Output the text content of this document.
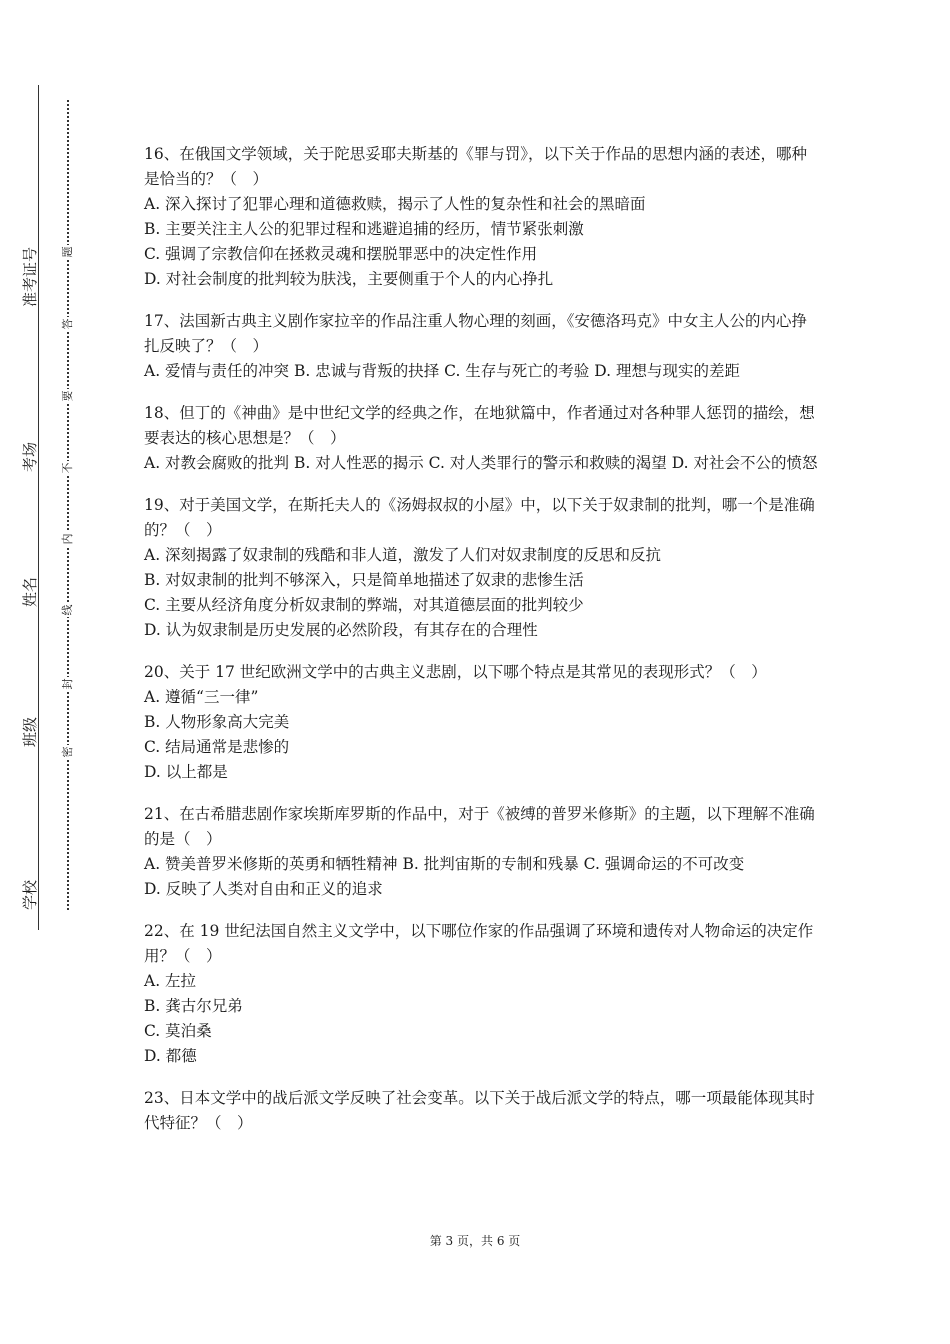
学校
班级
姓名
考场
准考证号
密
封
线
内
不
要
答
题

16、在俄国文学领域，关于陀思妥耶夫斯基的《罪与罚》，以下关于作品的思想内涵的表述，哪种是恰当的？（　）

A. 深入探讨了犯罪心理和道德救赎，揭示了人性的复杂性和社会的黑暗面

B. 主要关注主人公的犯罪过程和逃避追捕的经历，情节紧张刺激

C. 强调了宗教信仰在拯救灵魂和摆脱罪恶中的决定性作用

D. 对社会制度的批判较为肤浅，主要侧重于个人的内心挣扎

17、法国新古典主义剧作家拉辛的作品注重人物心理的刻画，《安德洛玛克》中女主人公的内心挣扎反映了？（　）

A. 爱情与责任的冲突 B. 忠诚与背叛的抉择 C. 生存与死亡的考验 D. 理想与现实的差距

18、但丁的《神曲》是中世纪文学的经典之作，在地狱篇中，作者通过对各种罪人惩罚的描绘，想要表达的核心思想是？（　）

A. 对教会腐败的批判 B. 对人性恶的揭示 C. 对人类罪行的警示和救赎的渴望 D. 对社会不公的愤怒

19、对于美国文学，在斯托夫人的《汤姆叔叔的小屋》中，以下关于奴隶制的批判，哪一个是准确的？（　）

A. 深刻揭露了奴隶制的残酷和非人道，激发了人们对奴隶制度的反思和反抗

B. 对奴隶制的批判不够深入，只是简单地描述了奴隶的悲惨生活

C. 主要从经济角度分析奴隶制的弊端，对其道德层面的批判较少

D. 认为奴隶制是历史发展的必然阶段，有其存在的合理性

20、关于 17 世纪欧洲文学中的古典主义悲剧，以下哪个特点是其常见的表现形式？（　）

A. 遵循“三一律”

B. 人物形象高大完美

C. 结局通常是悲惨的

D. 以上都是

21、在古希腊悲剧作家埃斯库罗斯的作品中，对于《被缚的普罗米修斯》的主题，以下理解不准确的是（　）

A. 赞美普罗米修斯的英勇和牺牲精神 B. 批判宙斯的专制和残暴 C. 强调命运的不可改变

D. 反映了人类对自由和正义的追求

22、在 19 世纪法国自然主义文学中，以下哪位作家的作品强调了环境和遗传对人物命运的决定作用？（　）

A. 左拉

B. 龚古尔兄弟

C. 莫泊桑

D. 都德

23、日本文学中的战后派文学反映了社会变革。以下关于战后派文学的特点，哪一项最能体现其时代特征？（　）

第 3 页，共 6 页
